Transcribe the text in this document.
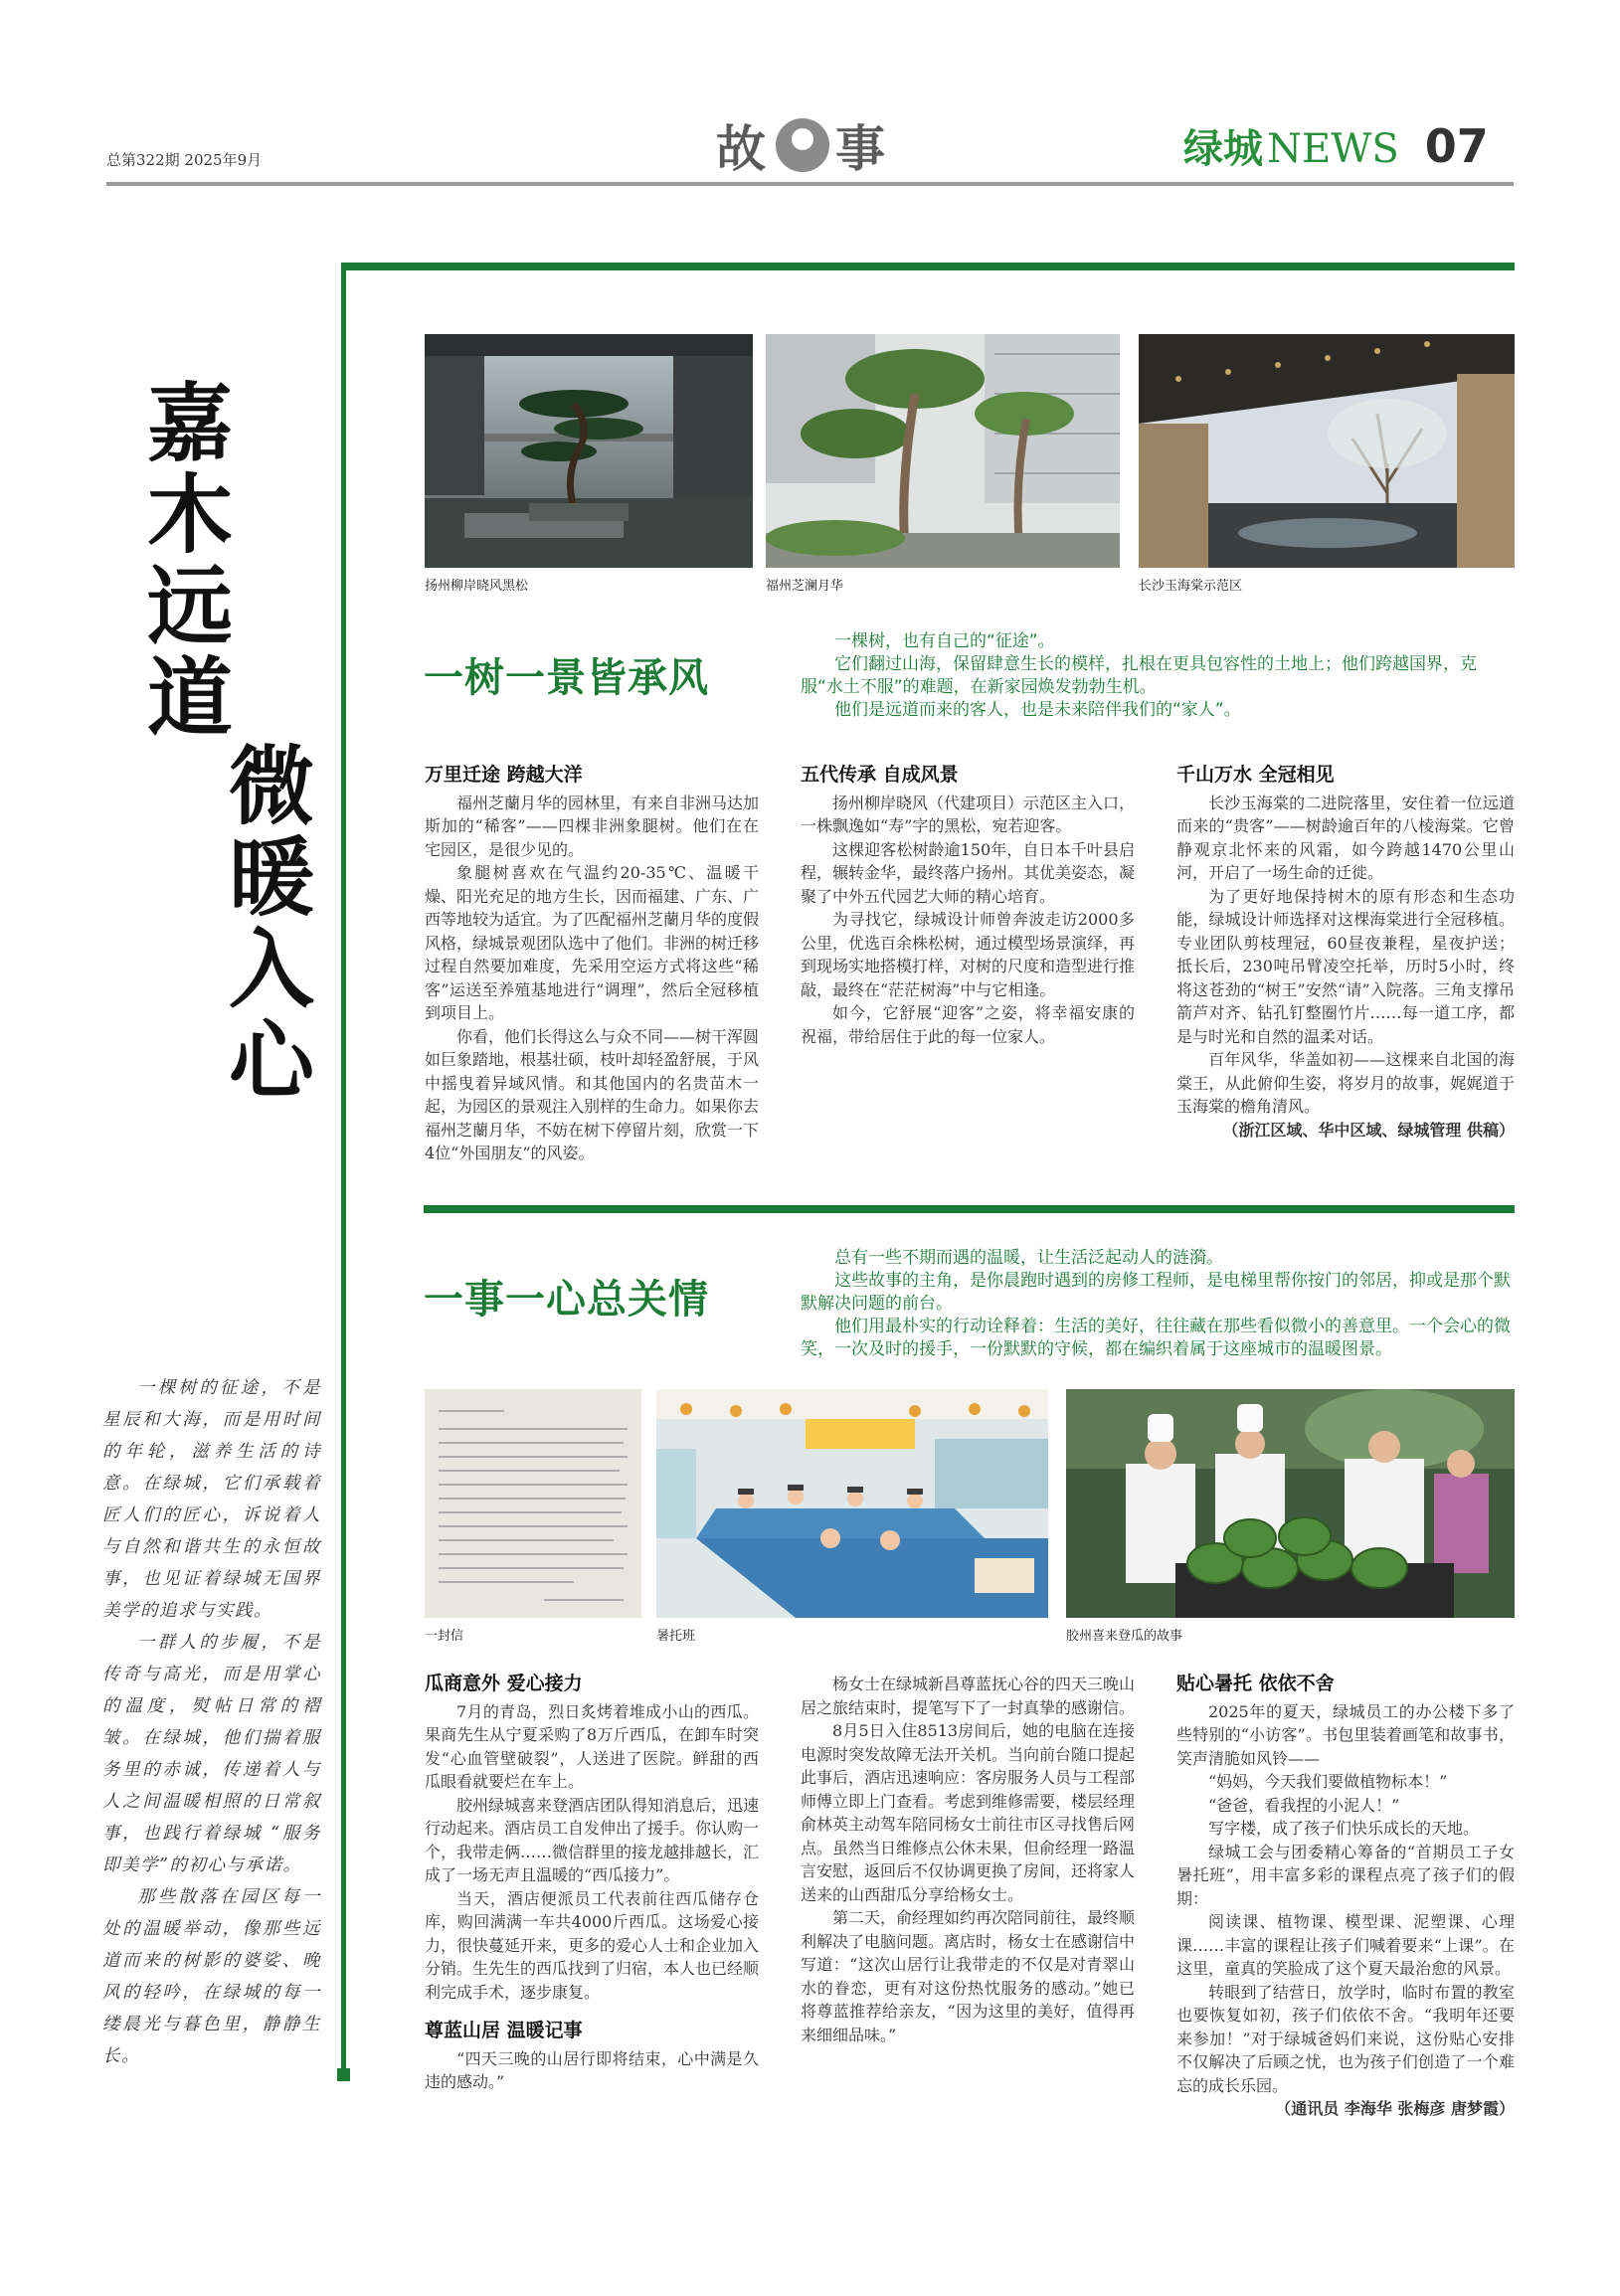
总第322期 2025年9月	故 事	绿城 NEWS 07
嘉木远道
微暖入心

一棵树的征途，不是星辰和大海，而是用时间的年轮，滋养生活的诗意。在绿城，它们承载着匠人们的匠心，诉说着人与自然和谐共生的永恒故事，也见证着绿城无国界美学的追求与实践。

一群人的步履，不是传奇与高光，而是用掌心的温度，熨帖日常的褶皱。在绿城，他们揣着服务里的赤诚，传递着人与人之间温暖相照的日常叙事，也践行着绿城 “服务即美学”的初心与承诺。

那些散落在园区每一处的温暖举动，像那些远道而来的树影的婆娑、晚风的轻吟，在绿城的每一缕晨光与暮色里，静静生长。

扬州柳岸晓风黑松	福州芝澜月华	长沙玉海棠示范区
一树一景皆承风

一棵树，也有自己的“征途”。

它们翻过山海，保留肆意生长的模样，扎根在更具包容性的土地上；他们跨越国界，克服“水土不服”的难题，在新家园焕发勃勃生机。

他们是远道而来的客人，也是未来陪伴我们的“家人”。

万里迁途 跨越大洋

福州芝蘭月华的园林里，有来自非洲马达加斯加的“稀客”——四棵非洲象腿树。他们在在宅园区，是很少见的。

象腿树喜欢在气温约20-35℃、温暖干燥、阳光充足的地方生长，因而福建、广东、广西等地较为适宜。为了匹配福州芝蘭月华的度假风格，绿城景观团队选中了他们。非洲的树迁移过程自然要加难度，先采用空运方式将这些“稀客”运送至养殖基地进行“调理”，然后全冠移植到项目上。

你看，他们长得这么与众不同——树干浑圆如巨象踏地，根基壮硕，枝叶却轻盈舒展，于风中摇曳着异域风情。和其他国内的名贵苗木一起，为园区的景观注入别样的生命力。如果你去福州芝蘭月华，不妨在树下停留片刻，欣赏一下4位“外国朋友”的风姿。

五代传承 自成风景

扬州柳岸晓风（代建项目）示范区主入口，一株飘逸如“寿”字的黑松，宛若迎客。

这棵迎客松树龄逾150年，自日本千叶县启程，辗转金华，最终落户扬州。其优美姿态，凝聚了中外五代园艺大师的精心培育。

为寻找它，绿城设计师曾奔波走访2000多公里，优选百余株松树，通过模型场景演绎，再到现场实地搭模打样，对树的尺度和造型进行推敲，最终在“茫茫树海”中与它相逢。

如今，它舒展“迎客”之姿，将幸福安康的祝福，带给居住于此的每一位家人。

千山万水 全冠相见

长沙玉海棠的二进院落里，安住着一位远道而来的“贵客”——树龄逾百年的八棱海棠。它曾静观京北怀来的风霜，如今跨越1470公里山河，开启了一场生命的迁徙。

为了更好地保持树木的原有形态和生态功能，绿城设计师选择对这棵海棠进行全冠移植。专业团队剪枝理冠，60昼夜兼程，星夜护送；抵长后，230吨吊臂凌空托举，历时5小时，终将这苍劲的“树王”安然“请”入院落。三角支撑吊箭芦对齐、钻孔钉整圈竹片……每一道工序，都是与时光和自然的温柔对话。

百年风华，华盖如初——这棵来自北国的海棠王，从此俯仰生姿，将岁月的故事，娓娓道于玉海棠的檐角清风。

（浙江区域、华中区域、绿城管理 供稿）

一事一心总关情

总有一些不期而遇的温暖，让生活泛起动人的涟漪。

这些故事的主角，是你晨跑时遇到的房修工程师，是电梯里帮你按门的邻居，抑或是那个默默解决问题的前台。

他们用最朴实的行动诠释着：生活的美好，往往藏在那些看似微小的善意里。一个会心的微笑，一次及时的援手，一份默默的守候，都在编织着属于这座城市的温暖图景。

一封信	暑托班	胶州喜来登瓜的故事
瓜商意外 爱心接力

7月的青岛，烈日炙烤着堆成小山的西瓜。果商先生从宁夏采购了8万斤西瓜，在卸车时突发“心血管壁破裂”，人送进了医院。鲜甜的西瓜眼看就要烂在车上。

胶州绿城喜来登酒店团队得知消息后，迅速行动起来。酒店员工自发伸出了援手。你认购一个，我带走俩……微信群里的接龙越排越长，汇成了一场无声且温暖的“西瓜接力”。

当天，酒店便派员工代表前往西瓜储存仓库，购回满满一车共4000斤西瓜。这场爱心接力，很快蔓延开来，更多的爱心人士和企业加入分销。生先生的西瓜找到了归宿，本人也已经顺利完成手术，逐步康复。

尊蓝山居 温暖记事

“四天三晚的山居行即将结束，心中满是久违的感动。”

杨女士在绿城新昌尊蓝抚心谷的四天三晚山居之旅结束时，提笔写下了一封真挚的感谢信。

8月5日入住8513房间后，她的电脑在连接电源时突发故障无法开关机。当向前台随口提起此事后，酒店迅速响应：客房服务人员与工程部师傅立即上门查看。考虑到维修需要，楼层经理俞林英主动驾车陪同杨女士前往市区寻找售后网点。虽然当日维修点公休未果，但俞经理一路温言安慰，返回后不仅协调更换了房间，还将家人送来的山西甜瓜分享给杨女士。

第二天，俞经理如约再次陪同前往，最终顺利解决了电脑问题。离店时，杨女士在感谢信中写道：“这次山居行让我带走的不仅是对青翠山水的眷恋，更有对这份热忱服务的感动。”她已将尊蓝推荐给亲友，“因为这里的美好，值得再来细细品味。”

贴心暑托 依依不舍

2025年的夏天，绿城员工的办公楼下多了些特别的“小访客”。书包里装着画笔和故事书，笑声清脆如风铃——

“妈妈，今天我们要做植物标本！”

“爸爸，看我捏的小泥人！”

写字楼，成了孩子们快乐成长的天地。

绿城工会与团委精心筹备的“首期员工子女暑托班”，用丰富多彩的课程点亮了孩子们的假期：

阅读课、植物课、模型课、泥塑课、心理课……丰富的课程让孩子们喊着要来“上课”。在这里，童真的笑脸成了这个夏天最治愈的风景。

转眼到了结营日，放学时，临时布置的教室也要恢复如初，孩子们依依不舍。“我明年还要来参加！”对于绿城爸妈们来说，这份贴心安排不仅解决了后顾之忧，也为孩子们创造了一个难忘的成长乐园。

（通讯员 李海华 张梅彦 唐梦霞）
